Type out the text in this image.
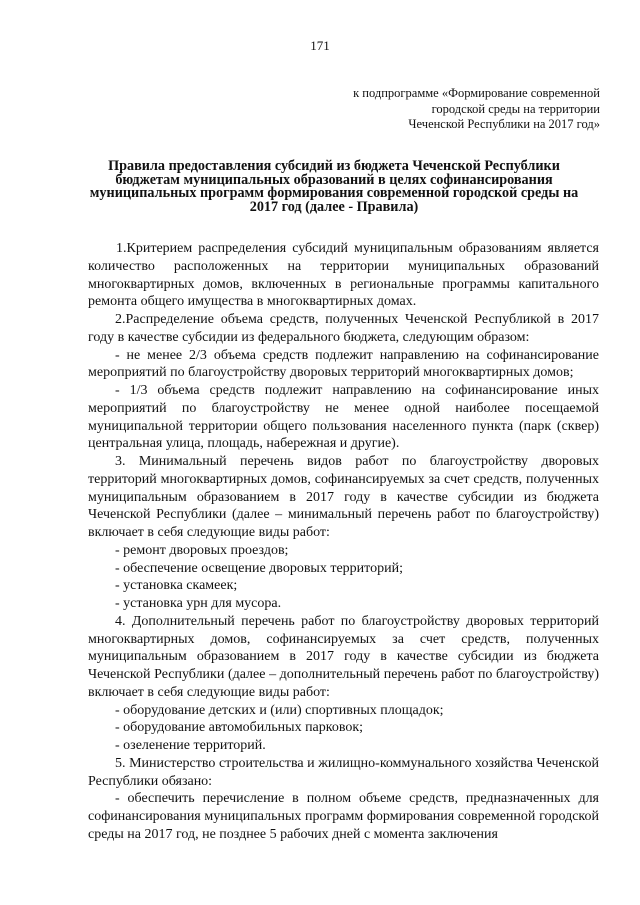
171
к подпрограмме «Формирование современной
городской среды на территории
Чеченской Республики на 2017 год»
Правила предоставления субсидий из бюджета Чеченской Республики
бюджетам муниципальных образований в целях софинансирования
муниципальных программ формирования современной городской среды на
2017 год (далее - Правила)

1.Критерием распределения субсидий муниципальным образованиям является количество расположенных на территории муниципальных образований многоквартирных домов, включенных в региональные программы капитального ремонта общего имущества в многоквартирных домах.

2.Распределение объема средств, полученных Чеченской Республикой в 2017 году в качестве субсидии из федерального бюджета, следующим образом:

- не менее 2/3 объема средств подлежит направлению на софинансирование мероприятий по благоустройству дворовых территорий многоквартирных домов;

- 1/3 объема средств подлежит направлению на софинансирование иных мероприятий по благоустройству не менее одной наиболее посещаемой муниципальной территории общего пользования населенного пункта (парк (сквер) центральная улица, площадь, набережная и другие).

3. Минимальный перечень видов работ по благоустройству дворовых территорий многоквартирных домов, софинансируемых за счет средств, полученных муниципальным образованием в 2017 году в качестве субсидии из бюджета Чеченской Республики (далее – минимальный перечень работ по благоустройству) включает в себя следующие виды работ:

- ремонт дворовых проездов;

- обеспечение освещение дворовых территорий;

- установка скамеек;

- установка урн для мусора.

4. Дополнительный перечень работ по благоустройству дворовых территорий многоквартирных домов, софинансируемых за счет средств, полученных муниципальным образованием в 2017 году в качестве субсидии из бюджета Чеченской Республики (далее – дополнительный перечень работ по благоустройству) включает в себя следующие виды работ:

- оборудование детских и (или) спортивных площадок;

- оборудование автомобильных парковок;

- озеленение территорий.

5. Министерство строительства и жилищно-коммунального хозяйства Чеченской Республики обязано:

- обеспечить перечисление в полном объеме средств, предназначенных для софинансирования муниципальных программ формирования современной городской среды на 2017 год, не позднее 5 рабочих дней с момента заключения
